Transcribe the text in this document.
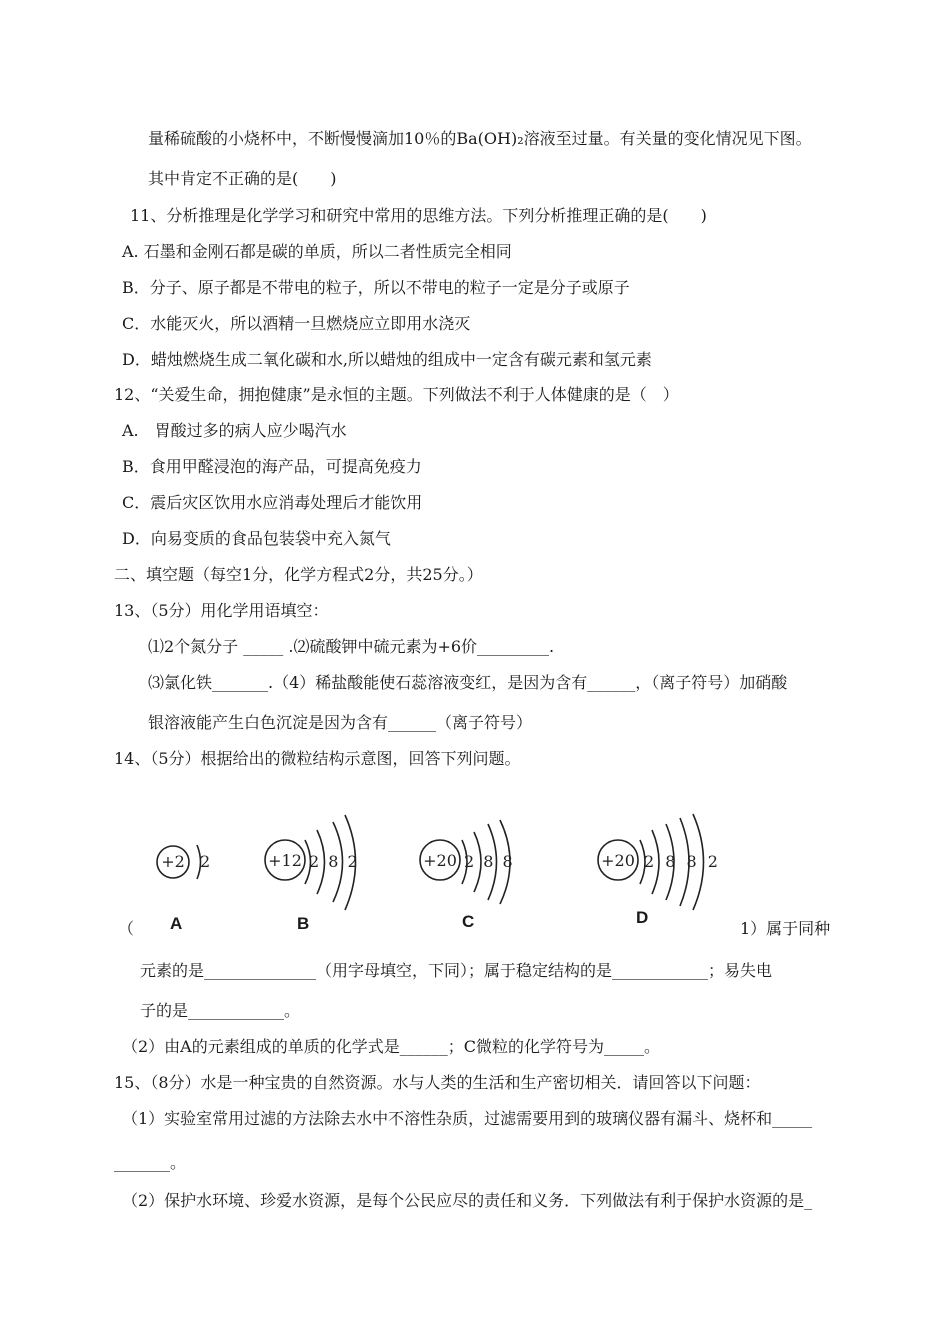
量稀硫酸的小烧杯中，不断慢慢滴加10％的Ba(OH)₂溶液至过量。有关量的变化情况见下图。
其中肯定不正确的是(　　)
11、分析推理是化学学习和研究中常用的思维方法。下列分析推理正确的是(　　)
A. 石墨和金刚石都是碳的单质，所以二者性质完全相同
B．分子、原子都是不带电的粒子，所以不带电的粒子一定是分子或原子
C．水能灭火，所以酒精一旦燃烧应立即用水浇灭
D．蜡烛燃烧生成二氧化碳和水,所以蜡烛的组成中一定含有碳元素和氢元素
12、“关爱生命，拥抱健康”是永恒的主题。下列做法不利于人体健康的是（　）
A.　胃酸过多的病人应少喝汽水
B．食用甲醛浸泡的海产品，可提高免疫力
C．震后灾区饮用水应消毒处理后才能饮用
D．向易变质的食品包装袋中充入氮气
二、填空题（每空1分，化学方程式2分，共25分。）
13、（5分）用化学用语填空：
⑴2个氮分子 _____ .⑵硫酸钾中硫元素为+6价_________.
⑶氯化铁_______.（4）稀盐酸能使石蕊溶液变红，是因为含有______，（离子符号）加硝酸
银溶液能产生白色沉淀是因为含有______（离子符号）
14、（5分）根据给出的微粒结构示意图，回答下列问题。
+2 2	+12 2 8 2	+20 2 8 8	+20 2 8 8 2
A	B	C	D
（	1）属于同种
元素的是______________（用字母填空，下同）；属于稳定结构的是____________；易失电
子的是____________。
（2）由A的元素组成的单质的化学式是______；C微粒的化学符号为_____。
15、（8分）水是一种宝贵的自然资源。水与人类的生活和生产密切相关．请回答以下问题：
（1）实验室常用过滤的方法除去水中不溶性杂质，过滤需要用到的玻璃仪器有漏斗、烧杯和_____
_______。
（2）保护水环境、珍爱水资源，是每个公民应尽的责任和义务．下列做法有利于保护水资源的是_
